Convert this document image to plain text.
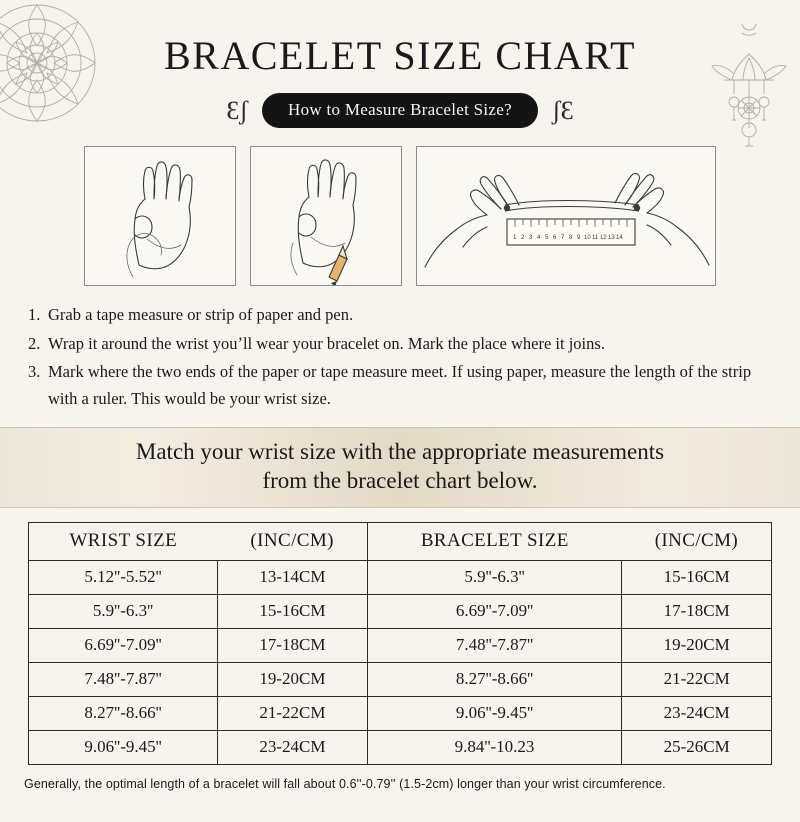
BRACELET SIZE CHART
Ɛʃ	How to Measure Bracelet Size?	ʃƐ
1 2 3 4 5 6 7 8 9 10 11 12 13 14
1. Grab a tape measure or strip of paper and pen.
2. Wrap it around the wrist youʼll wear your bracelet on. Mark the place where it joins.
3. Mark where the two ends of the paper or tape measure meet. If using paper, measure the length of the strip with a ruler. This would be your wrist size.
Match your wrist size with the appropriate measurements
from the bracelet chart below.
WRIST SIZE	(INC/CM)	BRACELET SIZE	(INC/CM)
5.12''-5.52''	13-14CM	5.9''-6.3''	15-16CM
5.9''-6.3''	15-16CM	6.69''-7.09''	17-18CM
6.69''-7.09''	17-18CM	7.48''-7.87''	19-20CM
7.48''-7.87''	19-20CM	8.27''-8.66''	21-22CM
8.27''-8.66''	21-22CM	9.06''-9.45''	23-24CM
9.06''-9.45''	23-24CM	9.84''-10.23	25-26CM
Generally, the optimal length of a bracelet will fall about 0.6''-0.79'' (1.5-2cm) longer than your wrist circumference.
